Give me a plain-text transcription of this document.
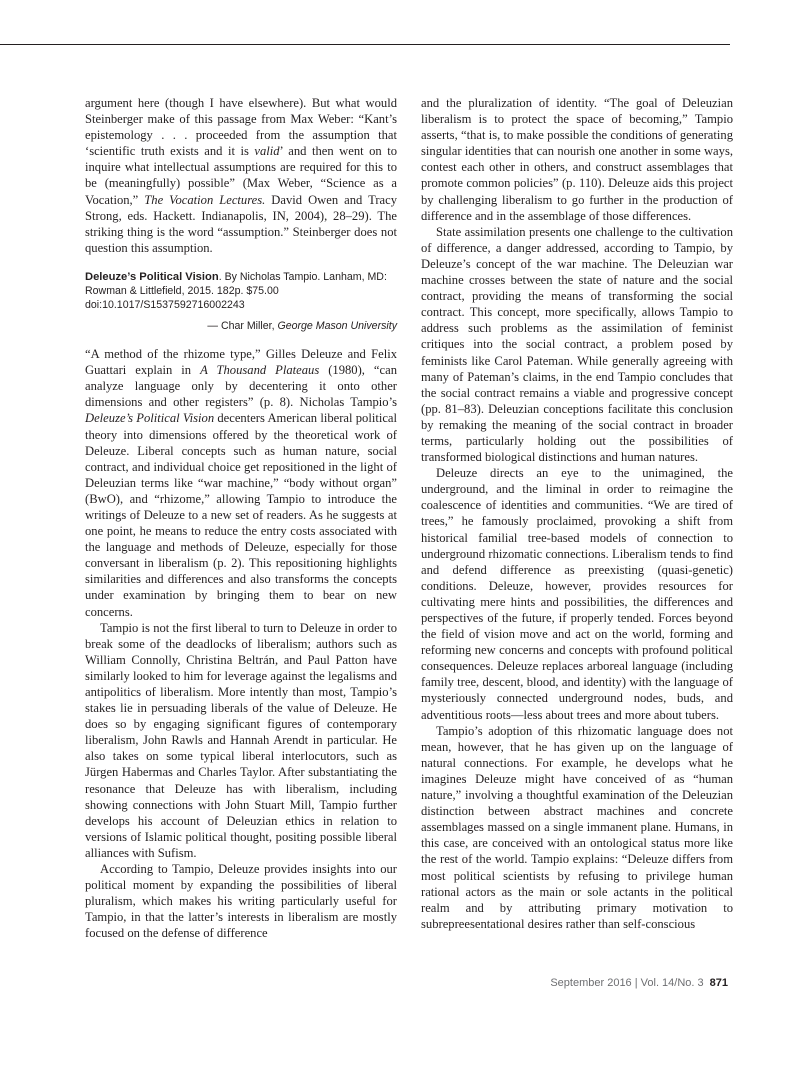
argument here (though I have elsewhere). But what would Steinberger make of this passage from Max Weber: “Kant’s epistemology . . . proceeded from the assumption that ‘scientific truth exists and it is valid’ and then went on to inquire what intellectual assumptions are required for this to be (meaningfully) possible” (Max Weber, “Science as a Vocation,” The Vocation Lectures. David Owen and Tracy Strong, eds. Hackett. Indianapolis, IN, 2004), 28–29). The striking thing is the word “assumption.” Steinberger does not question this assumption.

Deleuze’s Political Vision. By Nicholas Tampio. Lanham, MD: Rowman & Littlefield, 2015. 182p. $75.00
doi:10.1017/S1537592716002243
— Char Miller, George Mason University

“A method of the rhizome type,” Gilles Deleuze and Felix Guattari explain in A Thousand Plateaus (1980), “can analyze language only by decentering it onto other dimensions and other registers” (p. 8). Nicholas Tampio’s Deleuze’s Political Vision decenters American liberal political theory into dimensions offered by the theoretical work of Deleuze. Liberal concepts such as human nature, social contract, and individual choice get repositioned in the light of Deleuzian terms like “war machine,” “body without organ” (BwO), and “rhizome,” allowing Tampio to introduce the writings of Deleuze to a new set of readers. As he suggests at one point, he means to reduce the entry costs associated with the language and methods of Deleuze, especially for those conversant in liberalism (p. 2). This repositioning highlights similarities and differences and also transforms the concepts under examination by bringing them to bear on new concerns.

Tampio is not the first liberal to turn to Deleuze in order to break some of the deadlocks of liberalism; authors such as William Connolly, Christina Beltrán, and Paul Patton have similarly looked to him for leverage against the legalisms and antipolitics of liberalism. More intently than most, Tampio’s stakes lie in persuading liberals of the value of Deleuze. He does so by engaging significant figures of contemporary liberalism, John Rawls and Hannah Arendt in particular. He also takes on some typical liberal interlocutors, such as Jürgen Habermas and Charles Taylor. After substantiating the resonance that Deleuze has with liberalism, including showing connections with John Stuart Mill, Tampio further develops his account of Deleuzian ethics in relation to versions of Islamic political thought, positing possible liberal alliances with Sufism.

According to Tampio, Deleuze provides insights into our political moment by expanding the possibilities of liberal pluralism, which makes his writing particularly useful for Tampio, in that the latter’s interests in liberalism are mostly focused on the defense of difference

and the pluralization of identity. “The goal of Deleuzian liberalism is to protect the space of becoming,” Tampio asserts, “that is, to make possible the conditions of generating singular identities that can nourish one another in some ways, contest each other in others, and construct assemblages that promote common policies” (p. 110). Deleuze aids this project by challenging liberalism to go further in the production of difference and in the assemblage of those differences.

State assimilation presents one challenge to the cultivation of difference, a danger addressed, according to Tampio, by Deleuze’s concept of the war machine. The Deleuzian war machine crosses between the state of nature and the social contract, providing the means of transforming the social contract. This concept, more specifically, allows Tampio to address such problems as the assimilation of feminist critiques into the social contract, a problem posed by feminists like Carol Pateman. While generally agreeing with many of Pateman’s claims, in the end Tampio concludes that the social contract remains a viable and progressive concept (pp. 81–83). Deleuzian conceptions facilitate this conclusion by remaking the meaning of the social contract in broader terms, particularly holding out the possibilities of transformed biological distinctions and human natures.

Deleuze directs an eye to the unimagined, the underground, and the liminal in order to reimagine the coalescence of identities and communities. “We are tired of trees,” he famously proclaimed, provoking a shift from historical familial tree-based models of connection to underground rhizomatic connections. Liberalism tends to find and defend difference as preexisting (quasi-genetic) conditions. Deleuze, however, provides resources for cultivating mere hints and possibilities, the differences and perspectives of the future, if properly tended. Forces beyond the field of vision move and act on the world, forming and reforming new concerns and concepts with profound political consequences. Deleuze replaces arboreal language (including family tree, descent, blood, and identity) with the language of mysteriously connected underground nodes, buds, and adventitious roots—less about trees and more about tubers.

Tampio’s adoption of this rhizomatic language does not mean, however, that he has given up on the language of natural connections. For example, he develops what he imagines Deleuze might have conceived of as “human nature,” involving a thoughtful examination of the Deleuzian distinction between abstract machines and concrete assemblages massed on a single immanent plane. Humans, in this case, are conceived with an ontological status more like the rest of the world. Tampio explains: “Deleuze differs from most political scientists by refusing to privilege human rational actors as the main or sole actants in the political realm and by attributing primary motivation to subrepreesentational desires rather than self-conscious

September 2016 | Vol. 14/No. 3 871
